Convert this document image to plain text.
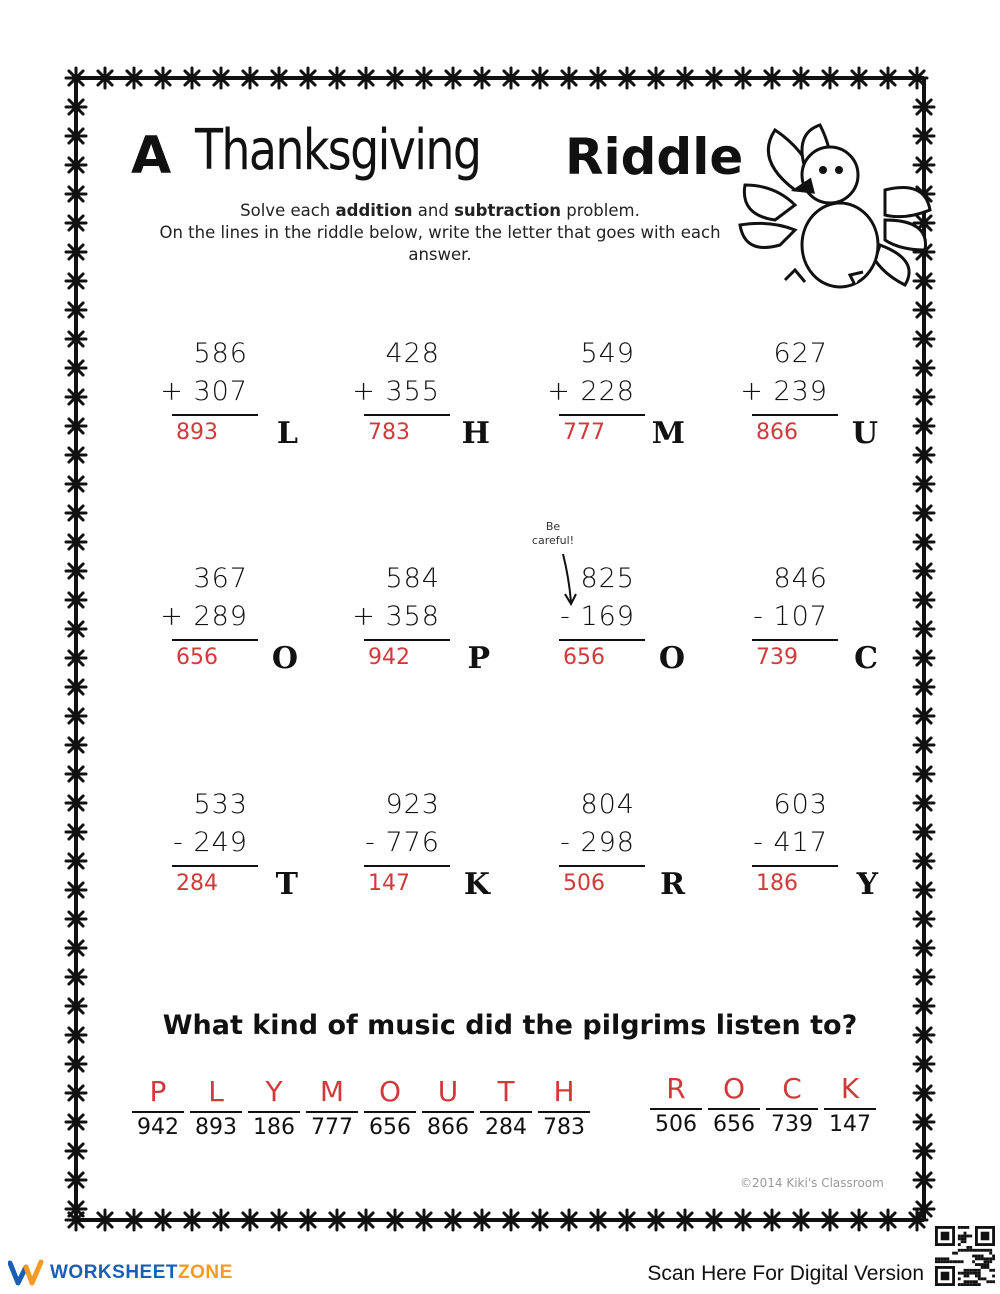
A Thanksgiving Riddle
Solve each addition and subtraction problem.
On the lines in the riddle below, write the letter that goes with each answer.
586
+ 307
893 L
428
+ 355
783 H
549
+ 228
777 M
627
+ 239
866 U
367
+ 289
656 O
584
+ 358
942 P
825
- 169
656 O
846
- 107
739 C
Be careful!
533
- 249
284 T
923
- 776
147 K
804
- 298
506 R
603
- 417
186 Y
What kind of music did the pilgrims listen to?
P
942
L
893
Y
186
M
777
O
656
U
866
T
284
H
783
R
506
O
656
C
739
K
147
©2014 Kiki's Classroom
WORKSHEETZONE	Scan Here For Digital Version
